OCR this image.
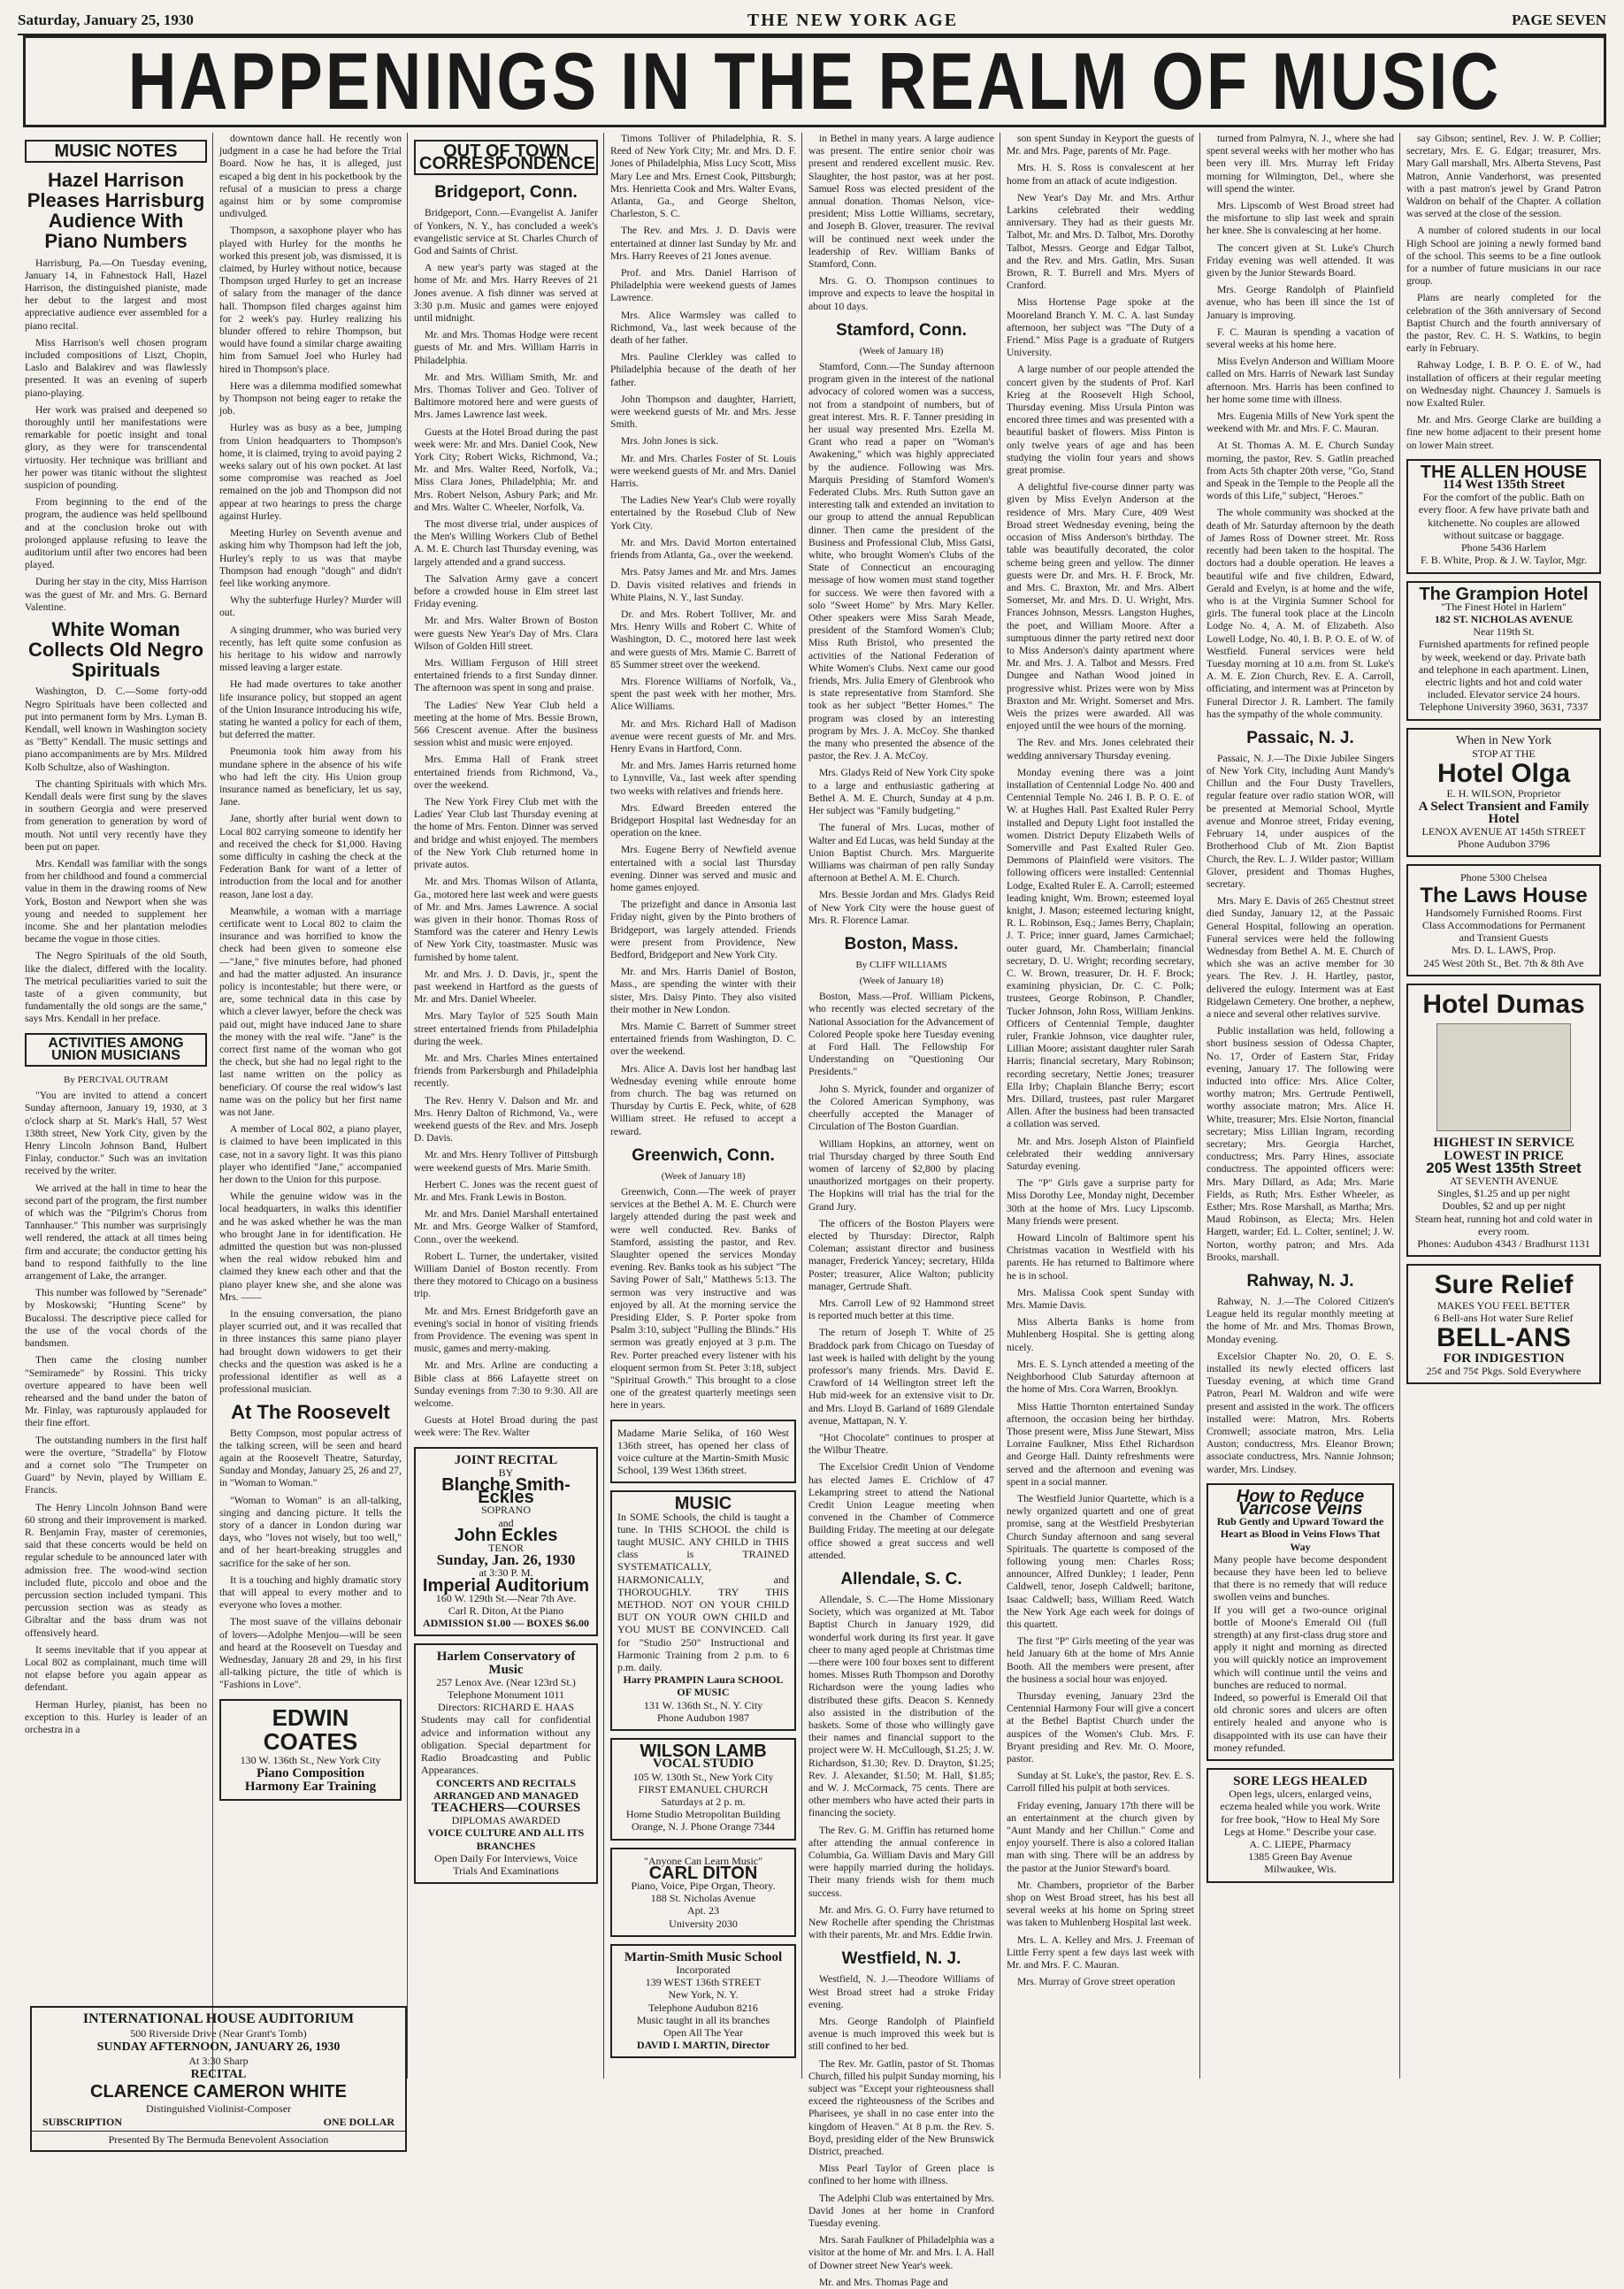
Saturday, January 25, 1930	THE NEW YORK AGE	PAGE SEVEN
HAPPENINGS IN THE REALM OF MUSIC
MUSIC NOTES
Hazel Harrison Pleases Harrisburg Audience With Piano Numbers

Harrisburg, Pa.—On Tuesday evening, January 14, in Fahnestock Hall, Hazel Harrison, the distinguished pianiste, made her debut to the largest and most appreciative audience ever assembled for a piano recital.

Miss Harrison's well chosen program included compositions of Liszt, Chopin, Laslo and Balakirev and was flawlessly presented. It was an evening of superb piano-playing.

Her work was praised and deepened so thoroughly until her manifestations were remarkable for poetic insight and tonal glory, as they were for transcendental virtuosity. Her technique was brilliant and her power was titanic without the slightest suspicion of pounding.

From beginning to the end of the program, the audience was held spellbound and at the conclusion broke out with prolonged applause refusing to leave the auditorium until after two encores had been played.

During her stay in the city, Miss Harrison was the guest of Mr. and Mrs. G. Bernard Valentine.

White Woman Collects Old Negro Spirituals

Washington, D. C.—Some forty-odd Negro Spirituals have been collected and put into permanent form by Mrs. Lyman B. Kendall, well known in Washington society as "Betty" Kendall. The music settings and piano accompaniments are by Mrs. Mildred Kolb Schultze, also of Washington.

The chanting Spirituals with which Mrs. Kendall deals were first sung by the slaves in southern Georgia and were preserved from generation to generation by word of mouth. Not until very recently have they been put on paper.

Mrs. Kendall was familiar with the songs from her childhood and found a commercial value in them in the drawing rooms of New York, Boston and Newport when she was young and needed to supplement her income. She and her plantation melodies became the vogue in those cities.

The Negro Spirituals of the old South, like the dialect, differed with the locality. The metrical peculiarities varied to suit the taste of a given community, but fundamentally the old songs are the same," says Mrs. Kendall in her preface.

ACTIVITIES AMONG UNION MUSICIANS
By PERCIVAL OUTRAM

"You are invited to attend a concert Sunday afternoon, January 19, 1930, at 3 o'clock sharp at St. Mark's Hall, 57 West 138th street, New York City, given by the Henry Lincoln Johnson Band, Hulbert Finlay, conductor." Such was an invitation received by the writer.

We arrived at the hall in time to hear the second part of the program, the first number of which was the "Pilgrim's Chorus from Tannhauser." This number was surprisingly well rendered, the attack at all times being firm and accurate; the conductor getting his band to respond faithfully to the line arrangement of Lake, the arranger.

This number was followed by "Serenade" by Moskowski; "Hunting Scene" by Bucalossi. The descriptive piece called for the use of the vocal chords of the bandsmen.

Then came the closing number "Semiramede" by Rossini. This tricky overture appeared to have been well rehearsed and the band under the baton of Mr. Finlay, was rapturously applauded for their fine effort.

The outstanding numbers in the first half were the overture, "Stradella" by Flotow and a cornet solo "The Trumpeter on Guard" by Nevin, played by William E. Francis.

The Henry Lincoln Johnson Band were 60 strong and their improvement is marked. R. Benjamin Fray, master of ceremonies, said that these concerts would be held on regular schedule to be announced later with admission free. The wood-wind section included flute, piccolo and oboe and the percussion section included tympani. This percussion section was as steady as Gibraltar and the bass drum was not offensively heard.

It seems inevitable that if you appear at Local 802 as complainant, much time will not elapse before you again appear as defendant.

Herman Hurley, pianist, has been no exception to this. Hurley is leader of an orchestra in a

downtown dance hall. He recently won judgment in a case he had before the Trial Board. Now he has, it is alleged, just escaped a big dent in his pocketbook by the refusal of a musician to press a charge against him or by some compromise undivulged.

Thompson, a saxophone player who has played with Hurley for the months he worked this present job, was dismissed, it is claimed, by Hurley without notice, because Thompson urged Hurley to get an increase of salary from the manager of the dance hall. Thompson filed charges against him for 2 week's pay. Hurley realizing his blunder offered to rehire Thompson, but would have found a similar charge awaiting him from Samuel Joel who Hurley had hired in Thompson's place.

Here was a dilemma modified somewhat by Thompson not being eager to retake the job.

Hurley was as busy as a bee, jumping from Union headquarters to Thompson's home, it is claimed, trying to avoid paying 2 weeks salary out of his own pocket. At last some compromise was reached as Joel remained on the job and Thompson did not appear at two hearings to press the charge against Hurley.

Meeting Hurley on Seventh avenue and asking him why Thompson had left the job, Hurley's reply to us was that maybe Thompson had enough "dough" and didn't feel like working anymore.

Why the subterfuge Hurley? Murder will out.

A singing drummer, who was buried very recently, has left quite some confusion as his heritage to his widow and narrowly missed leaving a larger estate.

He had made overtures to take another life insurance policy, but stopped an agent of the Union Insurance introducing his wife, stating he wanted a policy for each of them, but deferred the matter.

Pneumonia took him away from his mundane sphere in the absence of his wife who had left the city. His Union group insurance named as beneficiary, let us say, Jane.

Jane, shortly after burial went down to Local 802 carrying someone to identify her and received the check for $1,000. Having some difficulty in cashing the check at the Federation Bank for want of a letter of introduction from the local and for another reason, Jane lost a day.

Meanwhile, a woman with a marriage certificate went to Local 802 to claim the insurance and was horrified to know the check had been given to someone else—"Jane," five minutes before, had phoned and had the matter adjusted. An insurance policy is incontestable; but there were, or are, some technical data in this case by which a clever lawyer, before the check was paid out, might have induced Jane to share the money with the real wife. "Jane" is the correct first name of the woman who got the check, but she had no legal right to the last name written on the policy as beneficiary. Of course the real widow's last name was on the policy but her first name was not Jane.

A member of Local 802, a piano player, is claimed to have been implicated in this case, not in a savory light. It was this piano player who identified "Jane," accompanied her down to the Union for this purpose.

While the genuine widow was in the local headquarters, in walks this identifier and he was asked whether he was the man who brought Jane in for identification. He admitted the question but was non-plussed when the real widow rebuked him and claimed they knew each other and that the piano player knew she, and she alone was Mrs. ——

In the ensuing conversation, the piano player scurried out, and it was recalled that in three instances this same piano player had brought down widowers to get their checks and the question was asked is he a professional identifier as well as a professional musician.

At The Roosevelt

Betty Compson, most popular actress of the talking screen, will be seen and heard again at the Roosevelt Theatre, Saturday, Sunday and Monday, January 25, 26 and 27, in "Woman to Woman."

"Woman to Woman" is an all-talking, singing and dancing picture. It tells the story of a dancer in London during war days, who "loves not wisely, but too well," and of her heart-breaking struggles and sacrifice for the sake of her son.

It is a touching and highly dramatic story that will appeal to every mother and to everyone who loves a mother.

The most suave of the villains debonair of lovers—Adolphe Menjou—will be seen and heard at the Roosevelt on Tuesday and Wednesday, January 28 and 29, in his first all-talking picture, the title of which is "Fashions in Love".

EDWIN COATES
130 W. 136th St., New York City
Piano Composition
Harmony Ear Training
OUT OF TOWN CORRESPONDENCE
Bridgeport, Conn.

Bridgeport, Conn.—Evangelist A. Janifer of Yonkers, N. Y., has concluded a week's evangelistic service at St. Charles Church of God and Saints of Christ.

A new year's party was staged at the home of Mr. and Mrs. Harry Reeves of 21 Jones avenue. A fish dinner was served at 3:30 p.m. Music and games were enjoyed until midnight.

Mr. and Mrs. Thomas Hodge were recent guests of Mr. and Mrs. William Harris in Philadelphia.

Mr. and Mrs. William Smith, Mr. and Mrs. Thomas Toliver and Geo. Toliver of Baltimore motored here and were guests of Mrs. James Lawrence last week.

Guests at the Hotel Broad during the past week were: Mr. and Mrs. Daniel Cook, New York City; Robert Wicks, Richmond, Va.; Mr. and Mrs. Walter Reed, Norfolk, Va.; Miss Clara Jones, Philadelphia; Mr. and Mrs. Robert Nelson, Asbury Park; and Mr. and Mrs. Walter C. Wheeler, Norfolk, Va.

The most diverse trial, under auspices of the Men's Willing Workers Club of Bethel A. M. E. Church last Thursday evening, was largely attended and a grand success.

The Salvation Army gave a concert before a crowded house in Elm street last Friday evening.

Mr. and Mrs. Walter Brown of Boston were guests New Year's Day of Mrs. Clara Wilson of Golden Hill street.

Mrs. William Ferguson of Hill street entertained friends to a first Sunday dinner. The afternoon was spent in song and praise.

The Ladies' New Year Club held a meeting at the home of Mrs. Bessie Brown, 566 Crescent avenue. After the business session whist and music were enjoyed.

Mrs. Emma Hall of Frank street entertained friends from Richmond, Va., over the weekend.

The New York Firey Club met with the Ladies' Year Club last Thursday evening at the home of Mrs. Fenton. Dinner was served and bridge and whist enjoyed. The members of the New York Club returned home in private autos.

Mr. and Mrs. Thomas Wilson of Atlanta, Ga., motored here last week and were guests of Mr. and Mrs. James Lawrence. A social was given in their honor. Thomas Ross of Stamford was the caterer and Henry Lewis of New York City, toastmaster. Music was furnished by home talent.

Mr. and Mrs. J. D. Davis, jr., spent the past weekend in Hartford as the guests of Mr. and Mrs. Daniel Wheeler.

Mrs. Mary Taylor of 525 South Main street entertained friends from Philadelphia during the week.

Mr. and Mrs. Charles Mines entertained friends from Parkersburgh and Philadelphia recently.

The Rev. Henry V. Dalson and Mr. and Mrs. Henry Dalton of Richmond, Va., were weekend guests of the Rev. and Mrs. Joseph D. Davis.

Mr. and Mrs. Henry Tolliver of Pittsburgh were weekend guests of Mrs. Marie Smith.

Herbert C. Jones was the recent guest of Mr. and Mrs. Frank Lewis in Boston.

Mr. and Mrs. Daniel Marshall entertained Mr. and Mrs. George Walker of Stamford, Conn., over the weekend.

Robert L. Turner, the undertaker, visited William Daniel of Boston recently. From there they motored to Chicago on a business trip.

Mr. and Mrs. Ernest Bridgeforth gave an evening's social in honor of visiting friends from Providence. The evening was spent in music, games and merry-making.

Mr. and Mrs. Arline are conducting a Bible class at 866 Lafayette street on Sunday evenings from 7:30 to 9:30. All are welcome.

Guests at Hotel Broad during the past week were: The Rev. Walter

JOINT RECITAL
BY
Blanche Smith-Eckles
SOPRANO
and
John Eckles
TENOR
Sunday, Jan. 26, 1930
at 3:30 P. M.
Imperial Auditorium
160 W. 129th St.—Near 7th Ave.
Carl R. Diton, At the Piano
ADMISSION $1.00 — BOXES $6.00
Harlem Conservatory of Music
257 Lenox Ave. (Near 123rd St.)
Telephone Monument 1011
Directors: RICHARD E. HAAS
Students may call for confidential advice and information without any obligation. Special department for Radio Broadcasting and Public Appearances.
CONCERTS AND RECITALS ARRANGED AND MANAGED
TEACHERS—COURSES
DIPLOMAS AWARDED
VOICE CULTURE AND ALL ITS BRANCHES
Open Daily For Interviews, Voice Trials And Examinations

Timons Tolliver of Philadelphia, R. S. Reed of New York City; Mr. and Mrs. D. F. Jones of Philadelphia, Miss Lucy Scott, Miss Mary Lee and Mrs. Ernest Cook, Pittsburgh; Mrs. Henrietta Cook and Mrs. Walter Evans, Atlanta, Ga., and George Shelton, Charleston, S. C.

The Rev. and Mrs. J. D. Davis were entertained at dinner last Sunday by Mr. and Mrs. Harry Reeves of 21 Jones avenue.

Prof. and Mrs. Daniel Harrison of Philadelphia were weekend guests of James Lawrence.

Mrs. Alice Warmsley was called to Richmond, Va., last week because of the death of her father.

Mrs. Pauline Clerkley was called to Philadelphia because of the death of her father.

John Thompson and daughter, Harriett, were weekend guests of Mr. and Mrs. Jesse Smith.

Mrs. John Jones is sick.

Mr. and Mrs. Charles Foster of St. Louis were weekend guests of Mr. and Mrs. Daniel Harris.

The Ladies New Year's Club were royally entertained by the Rosebud Club of New York City.

Mr. and Mrs. David Morton entertained friends from Atlanta, Ga., over the weekend.

Mrs. Patsy James and Mr. and Mrs. James D. Davis visited relatives and friends in White Plains, N. Y., last Sunday.

Dr. and Mrs. Robert Tolliver, Mr. and Mrs. Henry Wills and Robert C. White of Washington, D. C., motored here last week and were guests of Mrs. Mamie C. Barrett of 85 Summer street over the weekend.

Mrs. Florence Williams of Norfolk, Va., spent the past week with her mother, Mrs. Alice Williams.

Mr. and Mrs. Richard Hall of Madison avenue were recent guests of Mr. and Mrs. Henry Evans in Hartford, Conn.

Mr. and Mrs. James Harris returned home to Lynnville, Va., last week after spending two weeks with relatives and friends here.

Mrs. Edward Breeden entered the Bridgeport Hospital last Wednesday for an operation on the knee.

Mrs. Eugene Berry of Newfield avenue entertained with a social last Thursday evening. Dinner was served and music and home games enjoyed.

The prizefight and dance in Ansonia last Friday night, given by the Pinto brothers of Bridgeport, was largely attended. Friends were present from Providence, New Bedford, Bridgeport and New York City.

Mr. and Mrs. Harris Daniel of Boston, Mass., are spending the winter with their sister, Mrs. Daisy Pinto. They also visited their mother in New London.

Mrs. Mamie C. Barrett of Summer street entertained friends from Washington, D. C. over the weekend.

Mrs. Alice A. Davis lost her handbag last Wednesday evening while enroute home from church. The bag was returned on Thursday by Curtis E. Peck, white, of 628 William street. He refused to accept a reward.

Greenwich, Conn.
(Week of January 18)

Greenwich, Conn.—The week of prayer services at the Bethel A. M. E. Church were largely attended during the past week and were well conducted. Rev. Banks of Stamford, assisting the pastor, and Rev. Slaughter opened the services Monday evening. Rev. Banks took as his subject "The Saving Power of Salt," Matthews 5:13. The sermon was very instructive and was enjoyed by all. At the morning service the Presiding Elder, S. P. Porter spoke from Psalm 3:10, subject "Pulling the Blinds." His sermon was greatly enjoyed at 3 p.m. The Rev. Porter preached every listener with his eloquent sermon from St. Peter 3:18, subject "Spiritual Growth." This brought to a close one of the greatest quarterly meetings seen here in years.

Madame Marie Selika, of 160 West 136th street, has opened her class of voice culture at the Martin-Smith Music School, 139 West 136th street.
MUSIC
In SOME Schools, the child is taught a tune. In THIS SCHOOL the child is taught MUSIC. ANY CHILD in THIS class is TRAINED SYSTEMATICALLY, HARMONICALLY, and THOROUGHLY. TRY THIS METHOD. NOT ON YOUR CHILD BUT ON YOUR OWN CHILD and YOU MUST BE CONVINCED. Call for "Studio 250" Instructional and Harmonic Training from 2 p.m. to 6 p.m. daily.
Harry PRAMPIN Laura SCHOOL OF MUSIC
131 W. 136th St., N. Y. City
Phone Audubon 1987
WILSON LAMB
VOCAL STUDIO
105 W. 130th St., New York City
FIRST EMANUEL CHURCH
Saturdays at 2 p. m.
Home Studio Metropolitan Building
Orange, N. J. Phone Orange 7344
"Anyone Can Learn Music"
CARL DITON
Piano, Voice, Pipe Organ, Theory.
188 St. Nicholas Avenue
Apt. 23
University 2030
Martin-Smith Music School
Incorporated
139 WEST 136th STREET
New York, N. Y.
Telephone Audubon 8216
Music taught in all its branches
Open All The Year
DAVID I. MARTIN, Director

in Bethel in many years. A large audience was present. The entire senior choir was present and rendered excellent music. Rev. Slaughter, the host pastor, was at her post. Samuel Ross was elected president of the annual donation. Thomas Nelson, vice-president; Miss Lottie Williams, secretary, and Joseph B. Glover, treasurer. The revival will be continued next week under the leadership of Rev. William Banks of Stamford, Conn.

Mrs. G. O. Thompson continues to improve and expects to leave the hospital in about 10 days.

Stamford, Conn.
(Week of January 18)

Stamford, Conn.—The Sunday afternoon program given in the interest of the national advocacy of colored women was a success, not from a standpoint of numbers, but of great interest. Mrs. R. F. Tanner presiding in her usual way presented Mrs. Ezella M. Grant who read a paper on "Woman's Awakening," which was highly appreciated by the audience. Following was Mrs. Marquis Presiding of Stamford Women's Federated Clubs. Mrs. Ruth Sutton gave an interesting talk and extended an invitation to our group to attend the annual Republican dinner. Then came the president of the Business and Professional Club, Miss Gatsi, white, who brought Women's Clubs of the State of Connecticut an encouraging message of how women must stand together for success. We were then favored with a solo "Sweet Home" by Mrs. Mary Keller. Other speakers were Miss Sarah Meade, president of the Stamford Women's Club; Miss Ruth Bristol, who presented the activities of the National Federation of White Women's Clubs. Next came our good friends, Mrs. Julia Emery of Glenbrook who is state representative from Stamford. She took as her subject "Better Homes." The program was closed by an interesting program by Mrs. J. A. McCoy. She thanked the many who presented the absence of the pastor, the Rev. J. A. McCoy.

Mrs. Gladys Reid of New York City spoke to a large and enthusiastic gathering at Bethel A. M. E. Church, Sunday at 4 p.m. Her subject was "Family budgeting."

The funeral of Mrs. Lucas, mother of Walter and Ed Lucas, was held Sunday at the Union Baptist Church. Mrs. Marguerite Williams was chairman of pen rally Sunday afternoon at Bethel A. M. E. Church.

Mrs. Bessie Jordan and Mrs. Gladys Reid of New York City were the house guest of Mrs. R. Florence Lamar.

Boston, Mass.
By CLIFF WILLIAMS
(Week of January 18)

Boston, Mass.—Prof. William Pickens, who recently was elected secretary of the National Association for the Advancement of Colored People spoke here Tuesday evening at Ford Hall. The Fellowship For Understanding on "Questioning Our Presidents."

John S. Myrick, founder and organizer of the Colored American Symphony, was cheerfully accepted the Manager of Circulation of The Boston Guardian.

William Hopkins, an attorney, went on trial Thursday charged by three South End women of larceny of $2,800 by placing unauthorized mortgages on their property. The Hopkins will trial has the trial for the Grand Jury.

The officers of the Boston Players were elected by Thursday: Director, Ralph Coleman; assistant director and business manager, Frederick Yancey; secretary, Hilda Poster; treasurer, Alice Walton; publicity manager, Gertrude Shaft.

Mrs. Carroll Lew of 92 Hammond street is reported much better at this time.

The return of Joseph T. White of 25 Braddock park from Chicago on Tuesday of last week is hailed with delight by the young professor's many friends. Mrs. David E. Crawford of 14 Wellington street left the Hub mid-week for an extensive visit to Dr. and Mrs. Lloyd B. Garland of 1689 Glendale avenue, Mattapan, N. Y.

"Hot Chocolate" continues to prosper at the Wilbur Theatre.

The Excelsior Credit Union of Vendome has elected James E. Crichlow of 47 Lekampring street to attend the National Credit Union League meeting when convened in the Chamber of Commerce Building Friday. The meeting at our delegate office showed a great success and well attended.

Allendale, S. C.

Allendale, S. C.—The Home Missionary Society, which was organized at Mt. Tabor Baptist Church in January 1929, did wonderful work during its first year. It gave cheer to many aged people at Christmas time—there were 100 four boxes sent to different homes. Misses Ruth Thompson and Dorothy Richardson were the young ladies who distributed these gifts. Deacon S. Kennedy also assisted in the distribution of the baskets. Some of those who willingly gave their names and financial support to the project were W. H. McCullough, $1.25; J. W. Richardson, $1.30; Rev. D. Drayton, $1.25; Rev. J. Alexander, $1.50; M. Hall, $1.85; and W. J. McCormack, 75 cents. There are other members who have acted their parts in financing the society.

The Rev. G. M. Griffin has returned home after attending the annual conference in Columbia, Ga. William Davis and Mary Gill were happily married during the holidays. Their many friends wish for them much success.

Mr. and Mrs. G. O. Furry have returned to New Rochelle after spending the Christmas with their parents, Mr. and Mrs. Eddie Irwin.

Westfield, N. J.

Westfield, N. J.—Theodore Williams of West Broad street had a stroke Friday evening.

Mrs. George Randolph of Plainfield avenue is much improved this week but is still confined to her bed.

The Rev. Mr. Gatlin, pastor of St. Thomas Church, filled his pulpit Sunday morning, his subject was "Except your righteousness shall exceed the righteousness of the Scribes and Pharisees, ye shall in no case enter into the kingdom of Heaven." At 8 p.m. the Rev. S. Boyd, presiding elder of the New Brunswick District, preached.

Miss Pearl Taylor of Green place is confined to her home with illness.

The Adelphi Club was entertained by Mrs. David Jones at her home in Cranford Tuesday evening.

Mrs. Sarah Faulkner of Philadelphia was a visitor at the home of Mr. and Mrs. I. A. Hall of Downer street New Year's week.

Mr. and Mrs. Thomas Page and

son spent Sunday in Keyport the guests of Mr. and Mrs. Page, parents of Mr. Page.

Mrs. H. S. Ross is convalescent at her home from an attack of acute indigestion.

New Year's Day Mr. and Mrs. Arthur Larkins celebrated their wedding anniversary. They had as their guests Mr. Talbot, Mr. and Mrs. D. Talbot, Mrs. Dorothy Talbot, Messrs. George and Edgar Talbot, and the Rev. and Mrs. Gatlin, Mrs. Susan Brown, R. T. Burrell and Mrs. Myers of Cranford.

Miss Hortense Page spoke at the Mooreland Branch Y. M. C. A. last Sunday afternoon, her subject was "The Duty of a Friend." Miss Page is a graduate of Rutgers University.

A large number of our people attended the concert given by the students of Prof. Karl Krieg at the Roosevelt High School, Thursday evening. Miss Ursula Pinton was encored three times and was presented with a beautiful basket of flowers. Miss Pinton is only twelve years of age and has been studying the violin four years and shows great promise.

A delightful five-course dinner party was given by Miss Evelyn Anderson at the residence of Mrs. Mary Cure, 409 West Broad street Wednesday evening, being the occasion of Miss Anderson's birthday. The table was beautifully decorated, the color scheme being green and yellow. The dinner guests were Dr. and Mrs. H. F. Brock, Mr. and Mrs. C. Braxton, Mr. and Mrs. Albert Somerset, Mr. and Mrs. D. U. Wright, Mrs. Frances Johnson, Messrs. Langston Hughes, the poet, and William Moore. After a sumptuous dinner the party retired next door to Miss Anderson's dainty apartment where Mr. and Mrs. J. A. Talbot and Messrs. Fred Dungee and Nathan Wood joined in progressive whist. Prizes were won by Miss Braxton and Mr. Wright. Somerset and Mrs. Weis the prizes were awarded. All was enjoyed until the wee hours of the morning.

The Rev. and Mrs. Jones celebrated their wedding anniversary Thursday evening.

Monday evening there was a joint installation of Centennial Lodge No. 400 and Centennial Temple No. 246 I. B. P. O. E. of W. at Hughes Hall. Past Exalted Ruler Perry installed and Deputy Light foot installed the women. District Deputy Elizabeth Wells of Somerville and Past Exalted Ruler Geo. Demmons of Plainfield were visitors. The following officers were installed: Centennial Lodge, Exalted Ruler E. A. Carroll; esteemed leading knight, Wm. Brown; esteemed loyal knight, J. Mason; esteemed lecturing knight, R. L. Robinson, Esq.; James Berry, Chaplain; J. T. Price; inner guard, James Carmichael; outer guard, Mr. Chamberlain; financial secretary, D. U. Wright; recording secretary, C. W. Brown, treasurer, Dr. H. F. Brock; examining physician, Dr. C. C. Polk; trustees, George Robinson, P. Chandler, Tucker Johnson, John Ross, William Jenkins. Officers of Centennial Temple, daughter ruler, Frankie Johnson, vice daughter ruler, Lillian Moore; assistant daughter ruler Sarah Harris; financial secretary, Mary Robinson; recording secretary, Nettie Jones; treasurer Ella Irby; Chaplain Blanche Berry; escort Mrs. Dillard, trustees, past ruler Margaret Allen. After the business had been transacted a collation was served.

Mr. and Mrs. Joseph Alston of Plainfield celebrated their wedding anniversary Saturday evening.

The "P" Girls gave a surprise party for Miss Dorothy Lee, Monday night, December 30th at the home of Mrs. Lucy Lipscomb. Many friends were present.

Howard Lincoln of Baltimore spent his Christmas vacation in Westfield with his parents. He has returned to Baltimore where he is in school.

Mrs. Malissa Cook spent Sunday with Mrs. Mamie Davis.

Miss Alberta Banks is home from Muhlenberg Hospital. She is getting along nicely.

Mrs. E. S. Lynch attended a meeting of the Neighborhood Club Saturday afternoon at the home of Mrs. Cora Warren, Brooklyn.

Miss Hattie Thornton entertained Sunday afternoon, the occasion being her birthday. Those present were, Miss June Stewart, Miss Lorraine Faulkner, Miss Ethel Richardson and George Hall. Dainty refreshments were served and the afternoon and evening was spent in a social manner.

The Westfield Junior Quartette, which is a newly organized quartett and one of great promise, sang at the Westfield Presbyterian Church Sunday afternoon and sang several Spirituals. The quartette is composed of the following young men: Charles Ross; announcer, Alfred Dunkley; 1 leader, Penn Caldwell, tenor, Joseph Caldwell; baritone, Isaac Caldwell; bass, William Reed. Watch the New York Age each week for doings of this quartett.

The first "P" Girls meeting of the year was held January 6th at the home of Mrs Annie Booth. All the members were present, after the business a social hour was enjoyed.

Thursday evening, January 23rd the Centennial Harmony Four will give a concert at the Bethel Baptist Church under the auspices of the Women's Club. Mrs. F. Bryant presiding and Rev. Mr. O. Moore, pastor.

Sunday at St. Luke's, the pastor, Rev. E. S. Carroll filled his pulpit at both services.

Friday evening, January 17th there will be an entertainment at the church given by "Aunt Mandy and her Chillun." Come and enjoy yourself. There is also a colored Italian man with sing. There will be an address by the pastor at the Junior Steward's board.

Mr. Chambers, proprietor of the Barber shop on West Broad street, has his best all several weeks at his home on Spring street was taken to Muhlenberg Hospital last week.

Mrs. L. A. Kelley and Mrs. J. Freeman of Little Ferry spent a few days last week with Mr. and Mrs. F. C. Mauran.

Mrs. Murray of Grove street operation

turned from Palmyra, N. J., where she had spent several weeks with her mother who has been very ill. Mrs. Murray left Friday morning for Wilmington, Del., where she will spend the winter.

Mrs. Lipscomb of West Broad street had the misfortune to slip last week and sprain her knee. She is convalescing at her home.

The concert given at St. Luke's Church Friday evening was well attended. It was given by the Junior Stewards Board.

Mrs. George Randolph of Plainfield avenue, who has been ill since the 1st of January is improving.

F. C. Mauran is spending a vacation of several weeks at his home here.

Miss Evelyn Anderson and William Moore called on Mrs. Harris of Newark last Sunday afternoon. Mrs. Harris has been confined to her home some time with illness.

Mrs. Eugenia Mills of New York spent the weekend with Mr. and Mrs. F. C. Mauran.

At St. Thomas A. M. E. Church Sunday morning, the pastor, Rev. S. Gatlin preached from Acts 5th chapter 20th verse, "Go, Stand and Speak in the Temple to the People all the words of this Life," subject, "Heroes."

The whole community was shocked at the death of Mr. Saturday afternoon by the death of James Ross of Downer street. Mr. Ross recently had been taken to the hospital. The doctors had a double operation. He leaves a beautiful wife and five children, Edward, Gerald and Evelyn, is at home and the wife, who is at the Virginia Sumner School for girls. The funeral took place at the Lincoln Lodge No. 4, A. M. of Elizabeth. Also Lowell Lodge, No. 40, I. B. P. O. E. of W. of Westfield. Funeral services were held Tuesday morning at 10 a.m. from St. Luke's A. M. E. Zion Church, Rev. E. A. Carroll, officiating, and interment was at Princeton by Funeral Director J. R. Lambert. The family has the sympathy of the whole community.

Passaic, N. J.

Passaic, N. J.—The Dixie Jubilee Singers of New York City, including Aunt Mandy's Chillun and the Four Dusty Travellers, regular feature over radio station WOR, will be presented at Memorial School, Myrtle avenue and Monroe street, Friday evening, February 14, under auspices of the Brotherhood Club of Mt. Zion Baptist Church, the Rev. L. J. Wilder pastor; William Glover, president and Thomas Hughes, secretary.

Mrs. Mary E. Davis of 265 Chestnut street died Sunday, January 12, at the Passaic General Hospital, following an operation. Funeral services were held the following Wednesday from Bethel A. M. E. Church of which she was an active member for 30 years. The Rev. J. H. Hartley, pastor, delivered the eulogy. Interment was at East Ridgelawn Cemetery. One brother, a nephew, a niece and several other relatives survive.

Public installation was held, following a short business session of Odessa Chapter, No. 17, Order of Eastern Star, Friday evening, January 17. The following were inducted into office: Mrs. Alice Colter, worthy matron; Mrs. Gertrude Pentiwell, worthy associate matron; Mrs. Alice H. White, treasurer; Mrs. Elsie Norton, financial secretary; Miss Lillian Ingram, recording secretary; Mrs. Georgia Harchet, conductress; Mrs. Parry Hines, associate conductress. The appointed officers were: Mrs. Mary Dillard, as Ada; Mrs. Marie Fields, as Ruth; Mrs. Esther Wheeler, as Esther; Mrs. Rose Marshall, as Martha; Mrs. Maud Robinson, as Electa; Mrs. Helen Hargett, warder; Ed. L. Colter, sentinel; J. W. Norton, worthy patron; and Mrs. Ada Brooks, marshall.

Rahway, N. J.

Rahway, N. J.—The Colored Citizen's League held its regular monthly meeting at the home of Mr. and Mrs. Thomas Brown, Monday evening.

Excelsior Chapter No. 20, O. E. S. installed its newly elected officers last Tuesday evening, at which time Grand Patron, Pearl M. Waldron and wife were present and assisted in the work. The officers installed were: Matron, Mrs. Roberts Cromwell; associate matron, Mrs. Lelia Auston; conductress, Mrs. Eleanor Brown; associate conductress, Mrs. Nannie Johnson; warder, Mrs. Lindsey.

How to Reduce Varicose Veins
Rub Gently and Upward Toward the Heart as Blood in Veins Flows That Way
Many people have become despondent because they have been led to believe that there is no remedy that will reduce swollen veins and bunches.
If you will get a two-ounce original bottle of Moone's Emerald Oil (full strength) at any first-class drug store and apply it night and morning as directed you will quickly notice an improvement which will continue until the veins and bunches are reduced to normal.
Indeed, so powerful is Emerald Oil that old chronic sores and ulcers are often entirely healed and anyone who is disappointed with its use can have their money refunded.
SORE LEGS HEALED
Open legs, ulcers, enlarged veins, eczema healed while you work. Write for free book, "How to Heal My Sore Legs at Home." Describe your case.
A. C. LIEPE, Pharmacy
1385 Green Bay Avenue
Milwaukee, Wis.

say Gibson; sentinel, Rev. J. W. P. Collier; secretary, Mrs. E. G. Edgar; treasurer, Mrs. Mary Gall marshall, Mrs. Alberta Stevens, Past Matron, Annie Vanderhorst, was presented with a past matron's jewel by Grand Patron Waldron on behalf of the Chapter. A collation was served at the close of the session.

A number of colored students in our local High School are joining a newly formed band of the school. This seems to be a fine outlook for a number of future musicians in our race group.

Plans are nearly completed for the celebration of the 36th anniversary of Second Baptist Church and the fourth anniversary of the pastor, Rev. C. H. S. Watkins, to begin early in February.

Rahway Lodge, I. B. P. O. E. of W., had installation of officers at their regular meeting on Wednesday night. Chauncey J. Samuels is now Exalted Ruler.

Mr. and Mrs. George Clarke are building a fine new home adjacent to their present home on lower Main street.

THE ALLEN HOUSE
114 West 135th Street
For the comfort of the public. Bath on every floor. A few have private bath and kitchenette. No couples are allowed without suitcase or baggage.
Phone 5436 Harlem
F. B. White, Prop. & J. W. Taylor, Mgr.
The Grampion Hotel
"The Finest Hotel in Harlem"
182 ST. NICHOLAS AVENUE
Near 119th St.
Furnished apartments for refined people by week, weekend or day. Private bath and telephone in each apartment. Linen, electric lights and hot and cold water included. Elevator service 24 hours.
Telephone University 3960, 3631, 7337
When in New York
STOP AT THE
Hotel Olga
E. H. WILSON, Proprietor
A Select Transient and Family Hotel
LENOX AVENUE AT 145th STREET
Phone Audubon 3796
Phone 5300 Chelsea
The Laws House
Handsomely Furnished Rooms. First Class Accommodations for Permanent and Transient Guests
Mrs. D. L. LAWS, Prop.
245 West 20th St., Bet. 7th & 8th Ave
Hotel Dumas
HIGHEST IN SERVICE
LOWEST IN PRICE
205 West 135th Street
AT SEVENTH AVENUE
Singles, $1.25 and up per night
Doubles, $2 and up per night
Steam heat, running hot and cold water in every room.
Phones: Audubon 4343 / Bradhurst 1131
Sure Relief
MAKES YOU FEEL BETTER
6 Bell-ans Hot water Sure Relief
BELL-ANS
FOR INDIGESTION
25¢ and 75¢ Pkgs. Sold Everywhere
INTERNATIONAL HOUSE AUDITORIUM
500 Riverside Drive (Near Grant's Tomb)
SUNDAY AFTERNOON, JANUARY 26, 1930
At 3:30 Sharp
RECITAL
CLARENCE CAMERON WHITE
Distinguished Violinist-Composer
SUBSCRIPTION	ONE DOLLAR
Presented By The Bermuda Benevolent Association
